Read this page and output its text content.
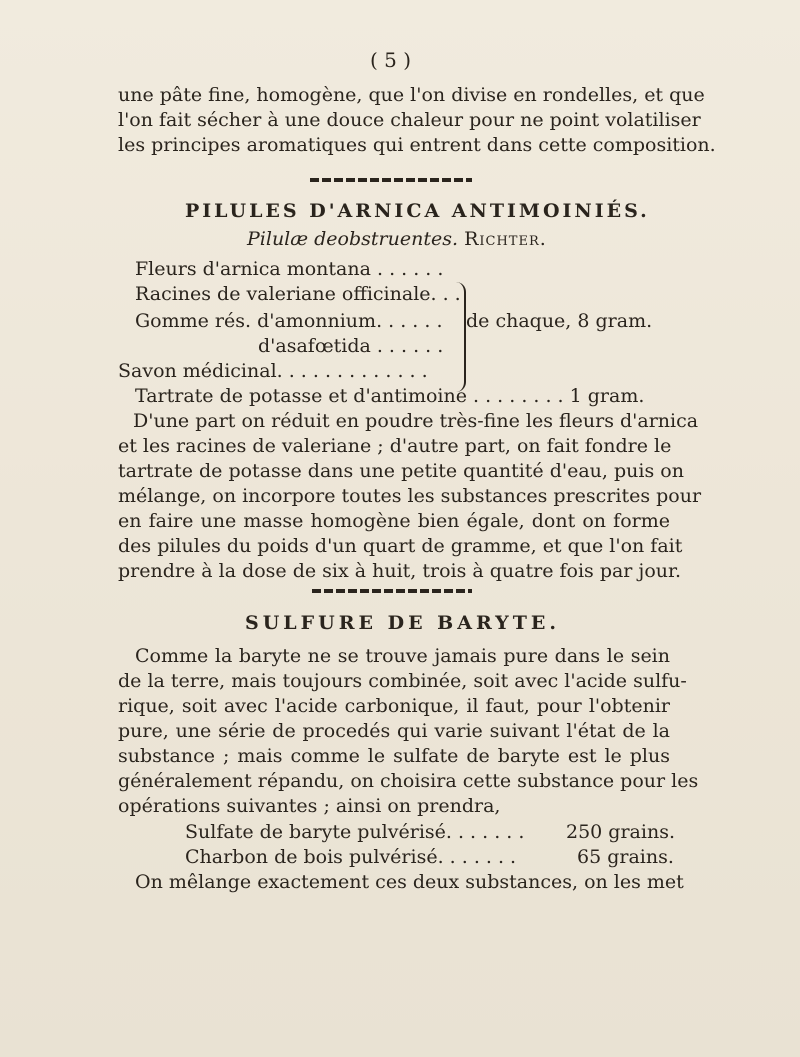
( 5 )
une pâte fine, homogène, que l'on divise en rondelles, et que
l'on fait sécher à une douce chaleur pour ne point volatiliser
les principes aromatiques qui entrent dans cette composition.
PILULES D'ARNICA ANTIMOINIÉS.
Pilulæ deobstruentes. Richter.
Fleurs d'arnica montana . . . . . .
Racines de valeriane officinale. . .
Gomme rés. d'amonnium. . . . . .
d'asafœtida . . . . . .
Savon médicinal. . . . . . . . . . . . .
de chaque, 8 gram.
Tartrate de potasse et d'antimoine . . . . . . . . 1 gram.
D'une part on réduit en poudre très-fine les fleurs d'arnica
et les racines de valeriane ; d'autre part, on fait fondre le
tartrate de potasse dans une petite quantité d'eau, puis on
mélange, on incorpore toutes les substances prescrites pour
en faire une masse homogène bien égale, dont on forme
des pilules du poids d'un quart de gramme, et que l'on fait
prendre à la dose de six à huit, trois à quatre fois par jour.
SULFURE DE BARYTE.
Comme la baryte ne se trouve jamais pure dans le sein
de la terre, mais toujours combinée, soit avec l'acide sulfu-
rique, soit avec l'acide carbonique, il faut, pour l'obtenir
pure, une série de procedés qui varie suivant l'état de la
substance ; mais comme le sulfate de baryte est le plus
généralement répandu, on choisira cette substance pour les
opérations suivantes ; ainsi on prendra,
Sulfate de baryte pulvérisé. . . . . . . 250 grains.
Charbon de bois pulvérisé. . . . . . .	65 grains.
On mêlange exactement ces deux substances, on les met
